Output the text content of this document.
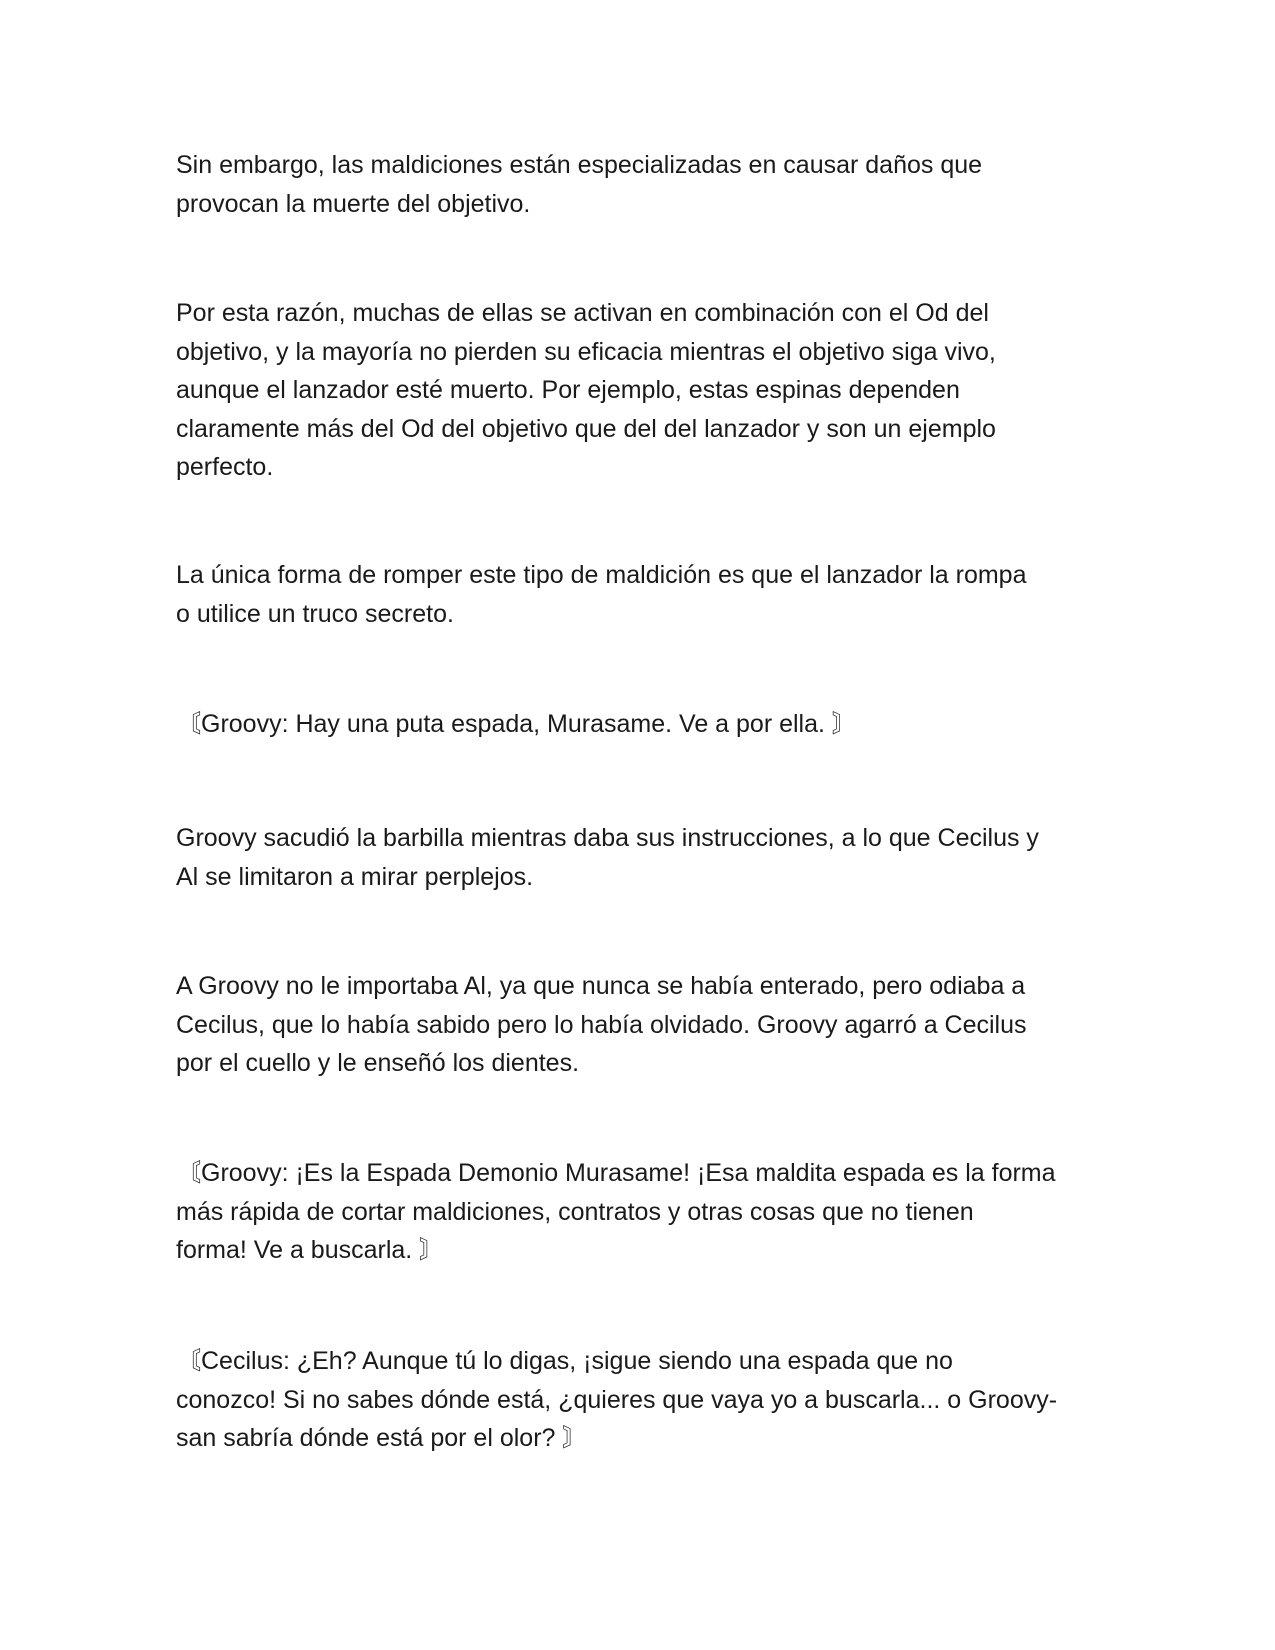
Sin embargo, las maldiciones están especializadas en causar daños que
provocan la muerte del objetivo.
Por esta razón, muchas de ellas se activan en combinación con el Od del
objetivo, y la mayoría no pierden su eficacia mientras el objetivo siga vivo,
aunque el lanzador esté muerto. Por ejemplo, estas espinas dependen
claramente más del Od del objetivo que del del lanzador y son un ejemplo
perfecto.
La única forma de romper este tipo de maldición es que el lanzador la rompa
o utilice un truco secreto.
〘Groovy: Hay una puta espada, Murasame. Ve a por ella. 〙
Groovy sacudió la barbilla mientras daba sus instrucciones, a lo que Cecilus y
Al se limitaron a mirar perplejos.
A Groovy no le importaba Al, ya que nunca se había enterado, pero odiaba a
Cecilus, que lo había sabido pero lo había olvidado. Groovy agarró a Cecilus
por el cuello y le enseñó los dientes.
〘Groovy: ¡Es la Espada Demonio Murasame! ¡Esa maldita espada es la forma
más rápida de cortar maldiciones, contratos y otras cosas que no tienen
forma! Ve a buscarla. 〙
〘Cecilus: ¿Eh? Aunque tú lo digas, ¡sigue siendo una espada que no
conozco! Si no sabes dónde está, ¿quieres que vaya yo a buscarla... o Groovy-
san sabría dónde está por el olor? 〙
